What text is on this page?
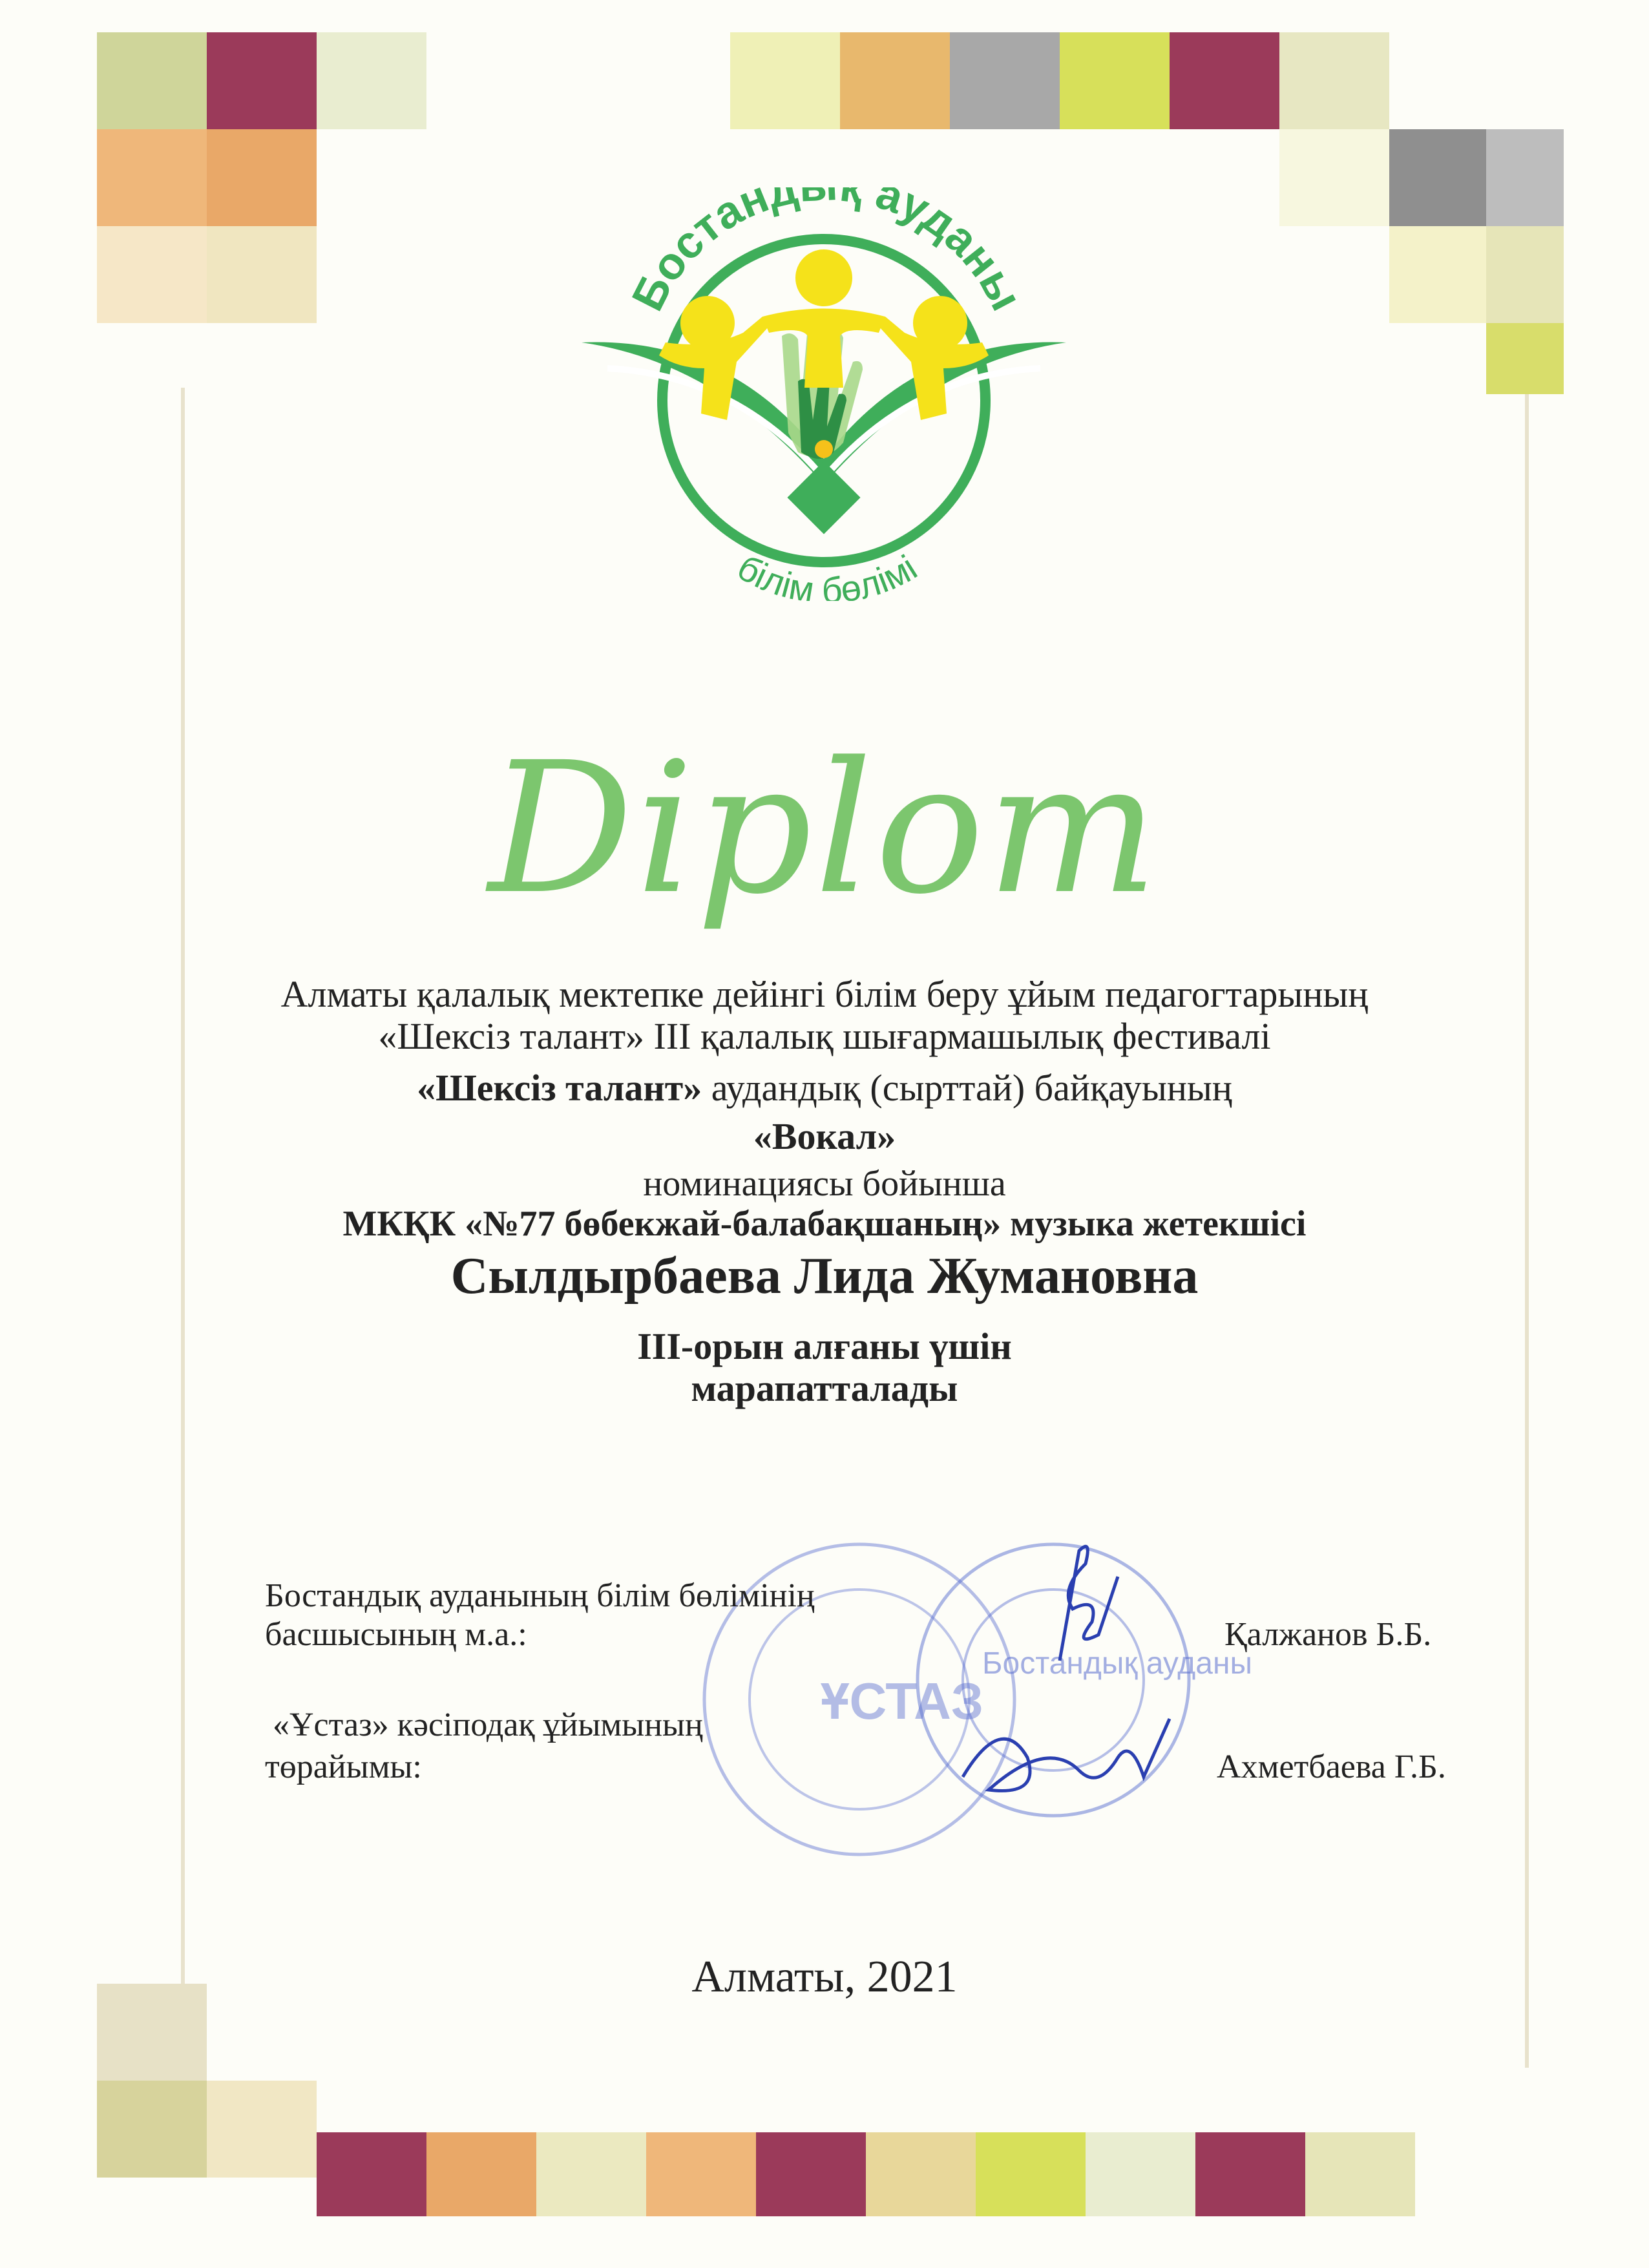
Бостанд ауданы
білім бөлімі
Diplom
Алматы қалалық мектепке дейінгі білім беру ұйым педагогтарының
«Шексіз талант» ІІІ қалалық шығармашылық фестивалі
«Шексіз талант» аудандық (сырттай) байқауының
«Вокал»
номинациясы бойынша
МКҚК «№77 бөбекжай-балабақшаның» музыка жетекшісі
Сылдырбаева Лида Жумановна
ІІІ-орын алғаны үшін
марапатталады
ҰСТАЗ
Бостандық ауданы
Бостандық ауданының білім бөлімінің
басшысының м.а.:	Қалжанов Б.Б.
«Ұстаз» кәсіподақ ұйымының
төрайымы:	Ахметбаева Г.Б.
Алматы, 2021
